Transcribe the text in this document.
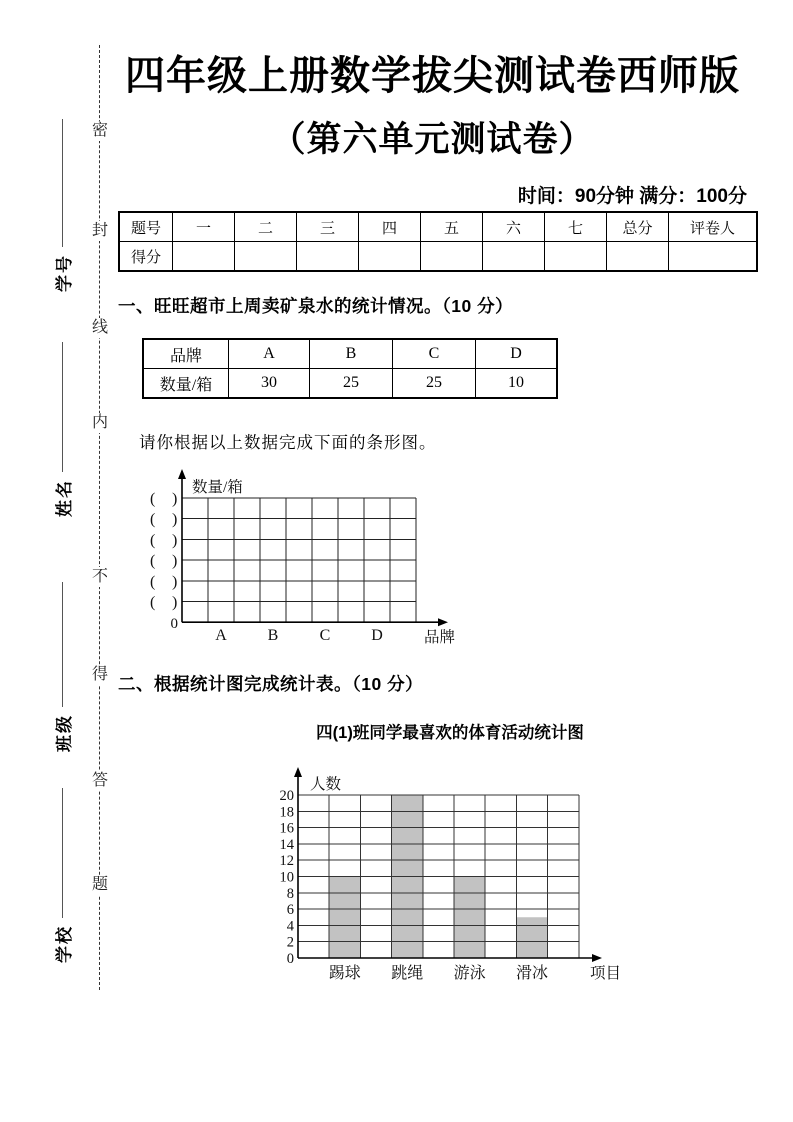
密
封
线
内
不
得
答
题
学号
姓名
班级
学校
四年级上册数学拔尖测试卷西师版
（第六单元测试卷）
时间：90分钟 满分：100分
题号	一	二	三	四	五	六	七	总分	评卷人
得分									
一、旺旺超市上周卖矿泉水的统计情况。（10 分）
品牌	A	B	C	D
数量/箱	30	25	25	10
请你根据以上数据完成下面的条形图。
( )
( )
( )
( )
( )
( )
0
数量/箱
A	B	C	D	品牌
二、根据统计图完成统计表。（10 分）
四(1)班同学最喜欢的体育活动统计图
20
18
16
14
12
10
8
6
4
2
0
人数
踢球 跳绳 游泳 滑冰	项目
